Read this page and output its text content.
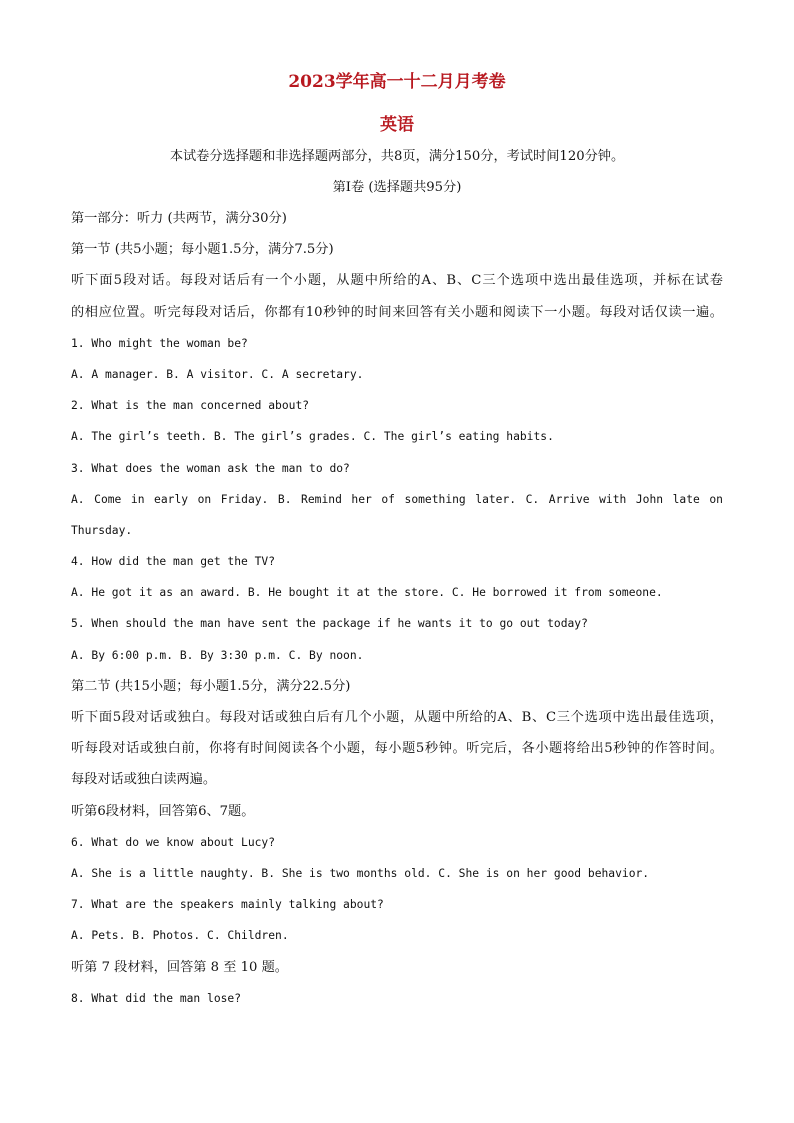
2023学年高一十二月月考卷
英语
本试卷分选择题和非选择题两部分，共8页，满分150分，考试时间120分钟。
第I卷 (选择题共95分)
第一部分：听力 (共两节，满分30分)
第一节 (共5小题；每小题1.5分，满分7.5分)
听下面5段对话。每段对话后有一个小题，从题中所给的A、B、C三个选项中选出最佳选项，并标在试卷
的相应位置。听完每段对话后，你都有10秒钟的时间来回答有关小题和阅读下一小题。每段对话仅读一遍。
1. Who might the woman be?
A. A manager. B. A visitor. C. A secretary.
2. What is the man concerned about?
A. The girl’s teeth. B. The girl’s grades. C. The girl’s eating habits.
3. What does the woman ask the man to do?
A. Come in early on Friday. B. Remind her of something later. C. Arrive with John late on
Thursday.
4. How did the man get the TV?
A. He got it as an award. B. He bought it at the store. C. He borrowed it from someone.
5. When should the man have sent the package if he wants it to go out today?
A. By 6:00 p.m. B. By 3:30 p.m. C. By noon.
第二节 (共15小题；每小题1.5分，满分22.5分)
听下面5段对话或独白。每段对话或独白后有几个小题，从题中所给的A、B、C三个选项中选出最佳选项，
听每段对话或独白前，你将有时间阅读各个小题，每小题5秒钟。听完后，各小题将给出5秒钟的作答时间。
每段对话或独白读两遍。
听第6段材料，回答第6、7题。
6. What do we know about Lucy?
A. She is a little naughty. B. She is two months old. C. She is on her good behavior.
7. What are the speakers mainly talking about?
A. Pets. B. Photos. C. Children.
听第 7 段材料，回答第 8 至 10 题。
8. What did the man lose?
